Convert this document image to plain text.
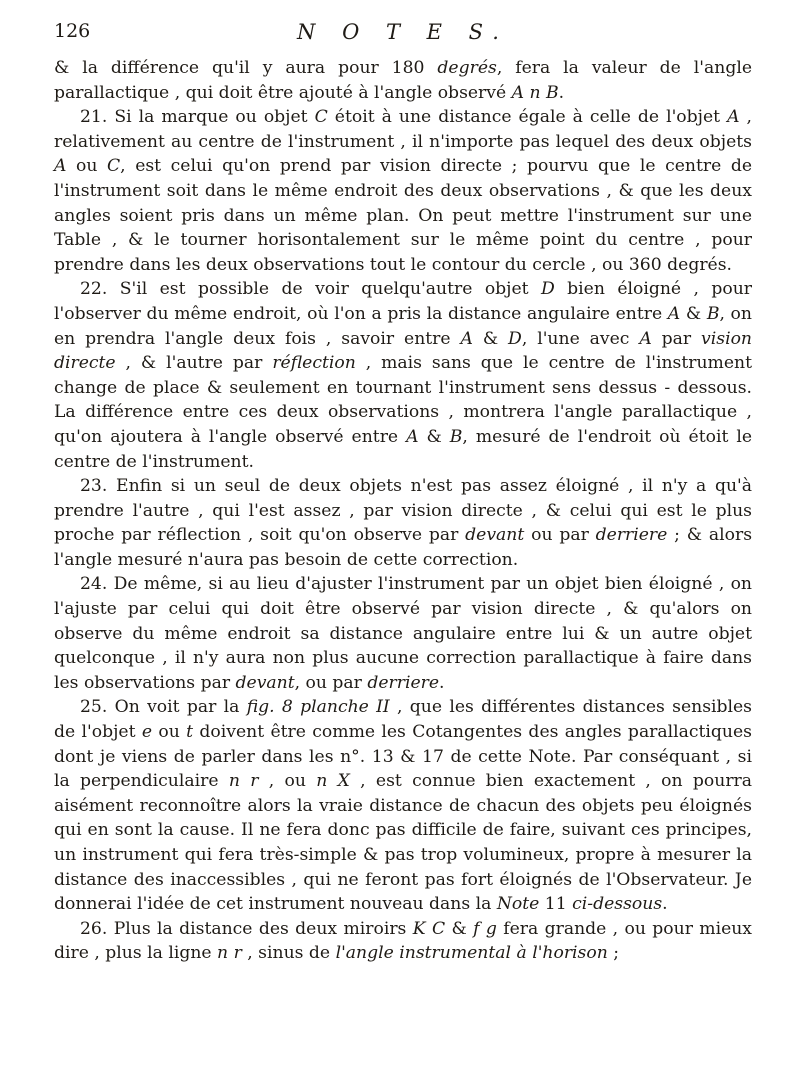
126	N O T E S.

& la différence qu'il y aura pour 180 degrés, fera la valeur de l'angle parallactique , qui doit être ajouté à l'angle observé A n B.

21. Si la marque ou objet C étoit à une distance égale à celle de l'objet A , relativement au centre de l'instrument , il n'importe pas lequel des deux objets A ou C, est celui qu'on prend par vision directe ; pourvu que le centre de l'instrument soit dans le même endroit des deux observations , & que les deux angles soient pris dans un même plan. On peut mettre l'instrument sur une Table , & le tourner horisontalement sur le même point du centre , pour prendre dans les deux observations tout le contour du cercle , ou 360 degrés.

22. S'il est possible de voir quelqu'autre objet D bien éloigné , pour l'observer du même endroit, où l'on a pris la distance angulaire entre A & B, on en prendra l'angle deux fois , savoir entre A & D, l'une avec A par vision directe , & l'autre par réflection , mais sans que le centre de l'instrument change de place & seulement en tournant l'instrument sens dessus - dessous. La différence entre ces deux observations , montrera l'angle parallactique , qu'on ajoutera à l'angle observé entre A & B, mesuré de l'endroit où étoit le centre de l'instrument.

23. Enfin si un seul de deux objets n'est pas assez éloigné , il n'y a qu'à prendre l'autre , qui l'est assez , par vision directe , & celui qui est le plus proche par réflection , soit qu'on observe par devant ou par derriere ; & alors l'angle mesuré n'aura pas besoin de cette correction.

24. De même, si au lieu d'ajuster l'instrument par un objet bien éloigné , on l'ajuste par celui qui doit être observé par vision directe , & qu'alors on observe du même endroit sa distance angulaire entre lui & un autre objet quelconque , il n'y aura non plus aucune correction parallactique à faire dans les observations par devant, ou par derriere.

25. On voit par la fig. 8 planche II , que les différentes distances sensibles de l'objet e ou t doivent être comme les Cotangentes des angles parallactiques dont je viens de parler dans les n°. 13 & 17 de cette Note. Par conséquant , si la perpendiculaire n r , ou n X , est connue bien exactement , on pourra aisément reconnoître alors la vraie distance de chacun des objets peu éloignés qui en sont la cause. Il ne fera donc pas difficile de faire, suivant ces principes, un instrument qui fera très-simple & pas trop volumineux, propre à mesurer la distance des inaccessibles , qui ne feront pas fort éloignés de l'Observateur. Je donnerai l'idée de cet instrument nouveau dans la Note 11 ci-dessous.

26. Plus la distance des deux miroirs K C & f g fera grande , ou pour mieux dire , plus la ligne n r , sinus de l'angle instrumental à l'horison ;
